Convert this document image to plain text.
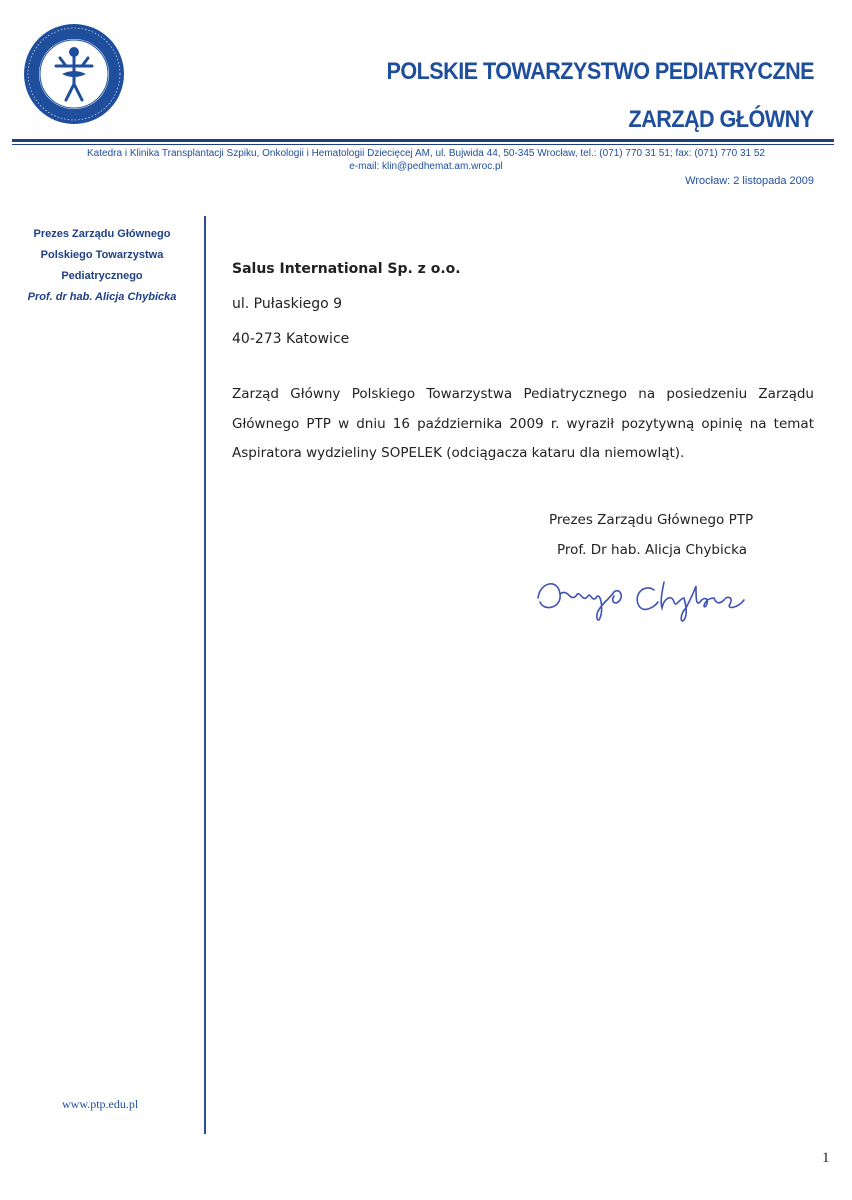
POLSKIE TOWARZYSTWO PEDIATRYCZNE
ZARZĄD GŁÓWNY
Katedra i Klinika Transplantacji Szpiku, Onkologii i Hematologii Dziecięcej AM, ul. Bujwida 44, 50-345 Wrocław, tel.: (071) 770 31 51; fax: (071) 770 31 52
e-mail: klin@pedhemat.am.wroc.pl
Wrocław: 2 listopada 2009
Prezes Zarządu Głównego
Polskiego Towarzystwa
Pediatrycznego
Prof. dr hab. Alicja Chybicka
www.ptp.edu.pl
Salus International Sp. z o.o.
ul. Pułaskiego 9
40-273 Katowice

Zarząd Główny Polskiego Towarzystwa Pediatrycznego na posiedzeniu Zarządu Głównego PTP w dniu 16 października 2009 r. wyraził pozytywną opinię na temat Aspiratora wydzieliny SOPELEK (odciągacza kataru dla niemowląt).

Prezes Zarządu Głównego PTP
Prof. Dr hab. Alicja Chybicka
1
